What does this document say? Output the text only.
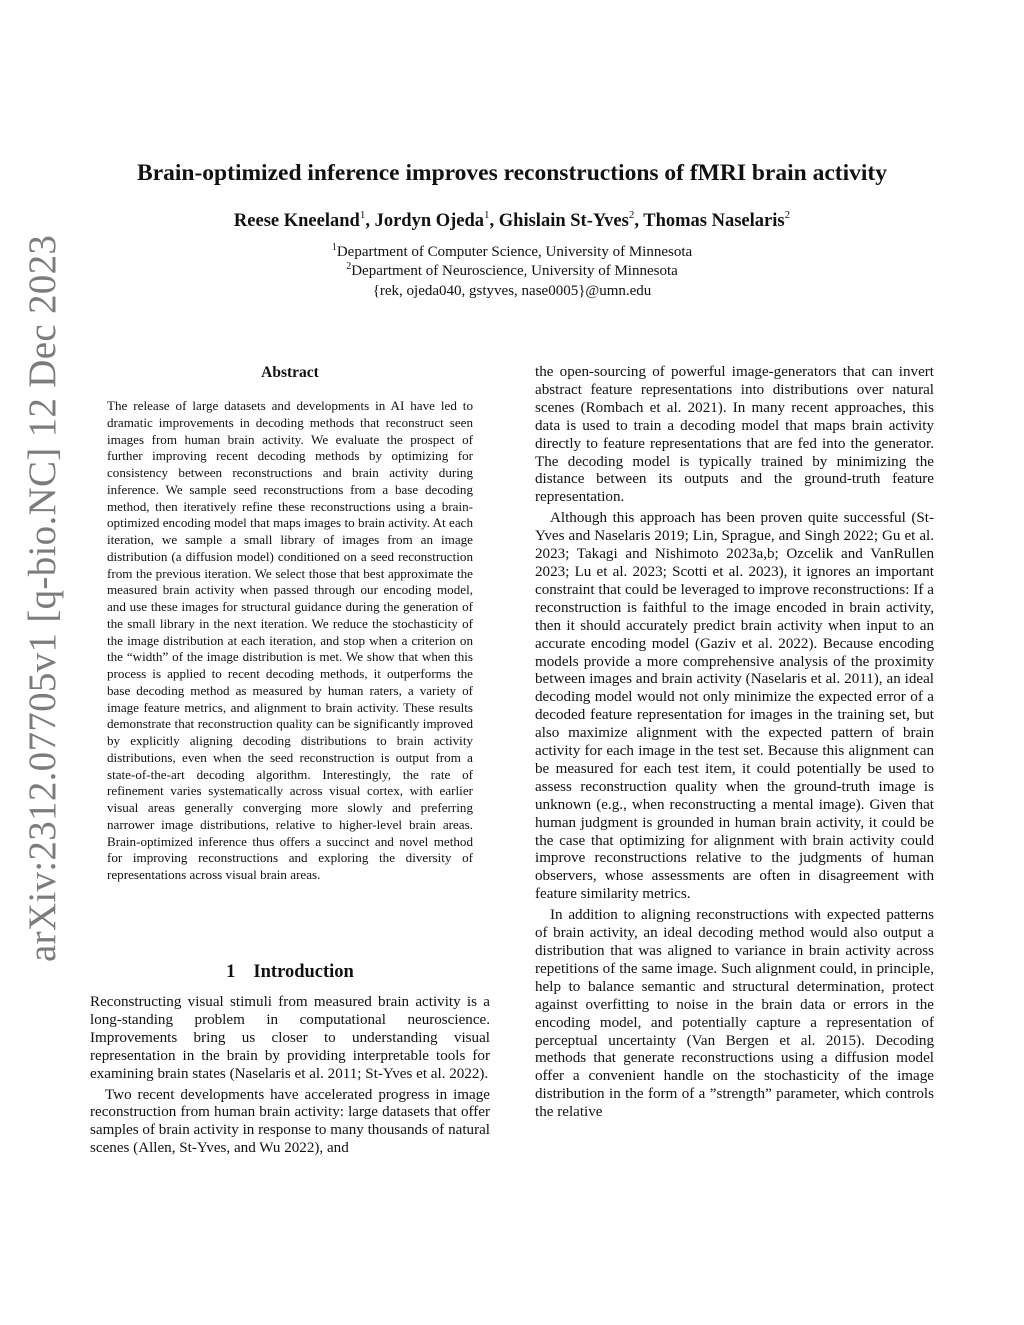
arXiv:2312.07705v1 [q-bio.NC] 12 Dec 2023
Brain-optimized inference improves reconstructions of fMRI brain activity
Reese Kneeland$^1$, Jordyn Ojeda$^1$, Ghislain St-Yves$^2$, Thomas Naselaris$^2$
$^1$Department of Computer Science, University of Minnesota
$^2$Department of Neuroscience, University of Minnesota
{rek, ojeda040, gstyves, nase0005}@umn.edu
Abstract
The release of large datasets and developments in AI have led to dramatic improvements in decoding methods that reconstruct seen images from human brain activity. We evaluate the prospect of further improving recent decoding methods by optimizing for consistency between reconstructions and brain activity during inference. We sample seed reconstructions from a base decoding method, then iteratively refine these reconstructions using a brain-optimized encoding model that maps images to brain activity. At each iteration, we sample a small library of images from an image distribution (a diffusion model) conditioned on a seed reconstruction from the previous iteration. We select those that best approximate the measured brain activity when passed through our encoding model, and use these images for structural guidance during the generation of the small library in the next iteration. We reduce the stochasticity of the image distribution at each iteration, and stop when a criterion on the “width” of the image distribution is met. We show that when this process is applied to recent decoding methods, it outperforms the base decoding method as measured by human raters, a variety of image feature metrics, and alignment to brain activity. These results demonstrate that reconstruction quality can be significantly improved by explicitly aligning decoding distributions to brain activity distributions, even when the seed reconstruction is output from a state-of-the-art decoding algorithm. Interestingly, the rate of refinement varies systematically across visual cortex, with earlier visual areas generally converging more slowly and preferring narrower image distributions, relative to higher-level brain areas. Brain-optimized inference thus offers a succinct and novel method for improving reconstructions and exploring the diversity of representations across visual brain areas.
1 Introduction

Reconstructing visual stimuli from measured brain activity is a long-standing problem in computational neuroscience. Improvements bring us closer to understanding visual representation in the brain by providing interpretable tools for examining brain states (Naselaris et al. 2011; St-Yves et al. 2022).

Two recent developments have accelerated progress in image reconstruction from human brain activity: large datasets that offer samples of brain activity in response to many thousands of natural scenes (Allen, St-Yves, and Wu 2022), and

the open-sourcing of powerful image-generators that can invert abstract feature representations into distributions over natural scenes (Rombach et al. 2021). In many recent approaches, this data is used to train a decoding model that maps brain activity directly to feature representations that are fed into the generator. The decoding model is typically trained by minimizing the distance between its outputs and the ground-truth feature representation.

Although this approach has been proven quite successful (St-Yves and Naselaris 2019; Lin, Sprague, and Singh 2022; Gu et al. 2023; Takagi and Nishimoto 2023a,b; Ozcelik and VanRullen 2023; Lu et al. 2023; Scotti et al. 2023), it ignores an important constraint that could be leveraged to improve reconstructions: If a reconstruction is faithful to the image encoded in brain activity, then it should accurately predict brain activity when input to an accurate encoding model (Gaziv et al. 2022). Because encoding models provide a more comprehensive analysis of the proximity between images and brain activity (Naselaris et al. 2011), an ideal decoding model would not only minimize the expected error of a decoded feature representation for images in the training set, but also maximize alignment with the expected pattern of brain activity for each image in the test set. Because this alignment can be measured for each test item, it could potentially be used to assess reconstruction quality when the ground-truth image is unknown (e.g., when reconstructing a mental image). Given that human judgment is grounded in human brain activity, it could be the case that optimizing for alignment with brain activity could improve reconstructions relative to the judgments of human observers, whose assessments are often in disagreement with feature similarity metrics.

In addition to aligning reconstructions with expected patterns of brain activity, an ideal decoding method would also output a distribution that was aligned to variance in brain activity across repetitions of the same image. Such alignment could, in principle, help to balance semantic and structural determination, protect against overfitting to noise in the brain data or errors in the encoding model, and potentially capture a representation of perceptual uncertainty (Van Bergen et al. 2015). Decoding methods that generate reconstructions using a diffusion model offer a convenient handle on the stochasticity of the image distribution in the form of a ”strength” parameter, which controls the relative
